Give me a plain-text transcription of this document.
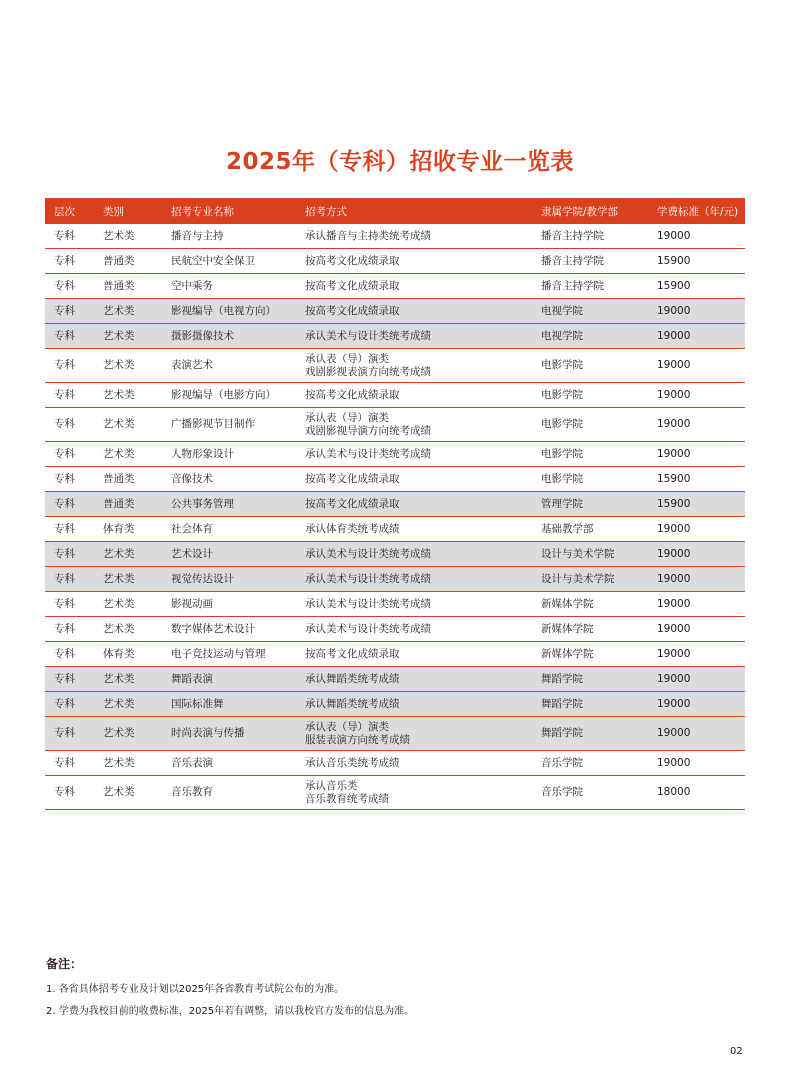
2025年（专科）招收专业一览表
层次	类别	招考专业名称	招考方式	隶属学院/教学部	学费标准（年/元)
专科	艺术类	播音与主持	承认播音与主持类统考成绩	播音主持学院	19000
专科	普通类	民航空中安全保卫	按高考文化成绩录取	播音主持学院	15900
专科	普通类	空中乘务	按高考文化成绩录取	播音主持学院	15900
专科	艺术类	影视编导（电视方向）	按高考文化成绩录取	电视学院	19000
专科	艺术类	摄影摄像技术	承认美术与设计类统考成绩	电视学院	19000
专科	艺术类	表演艺术	承认表（导）演类
戏剧影视表演方向统考成绩	电影学院	19000
专科	艺术类	影视编导（电影方向）	按高考文化成绩录取	电影学院	19000
专科	艺术类	广播影视节目制作	承认表（导）演类
戏剧影视导演方向统考成绩	电影学院	19000
专科	艺术类	人物形象设计	承认美术与设计类统考成绩	电影学院	19000
专科	普通类	音像技术	按高考文化成绩录取	电影学院	15900
专科	普通类	公共事务管理	按高考文化成绩录取	管理学院	15900
专科	体育类	社会体育	承认体育类统考成绩	基础教学部	19000
专科	艺术类	艺术设计	承认美术与设计类统考成绩	设计与美术学院	19000
专科	艺术类	视觉传达设计	承认美术与设计类统考成绩	设计与美术学院	19000
专科	艺术类	影视动画	承认美术与设计类统考成绩	新媒体学院	19000
专科	艺术类	数字媒体艺术设计	承认美术与设计类统考成绩	新媒体学院	19000
专科	体育类	电子竞技运动与管理	按高考文化成绩录取	新媒体学院	19000
专科	艺术类	舞蹈表演	承认舞蹈类统考成绩	舞蹈学院	19000
专科	艺术类	国际标准舞	承认舞蹈类统考成绩	舞蹈学院	19000
专科	艺术类	时尚表演与传播	承认表（导）演类
服装表演方向统考成绩	舞蹈学院	19000
专科	艺术类	音乐表演	承认音乐类统考成绩	音乐学院	19000
专科	艺术类	音乐教育	承认音乐类
音乐教育统考成绩	音乐学院	18000
备注：
1. 各省具体招考专业及计划以2025年各省教育考试院公布的为准。
2. 学费为我校目前的收费标准，2025年若有调整，请以我校官方发布的信息为准。
02
